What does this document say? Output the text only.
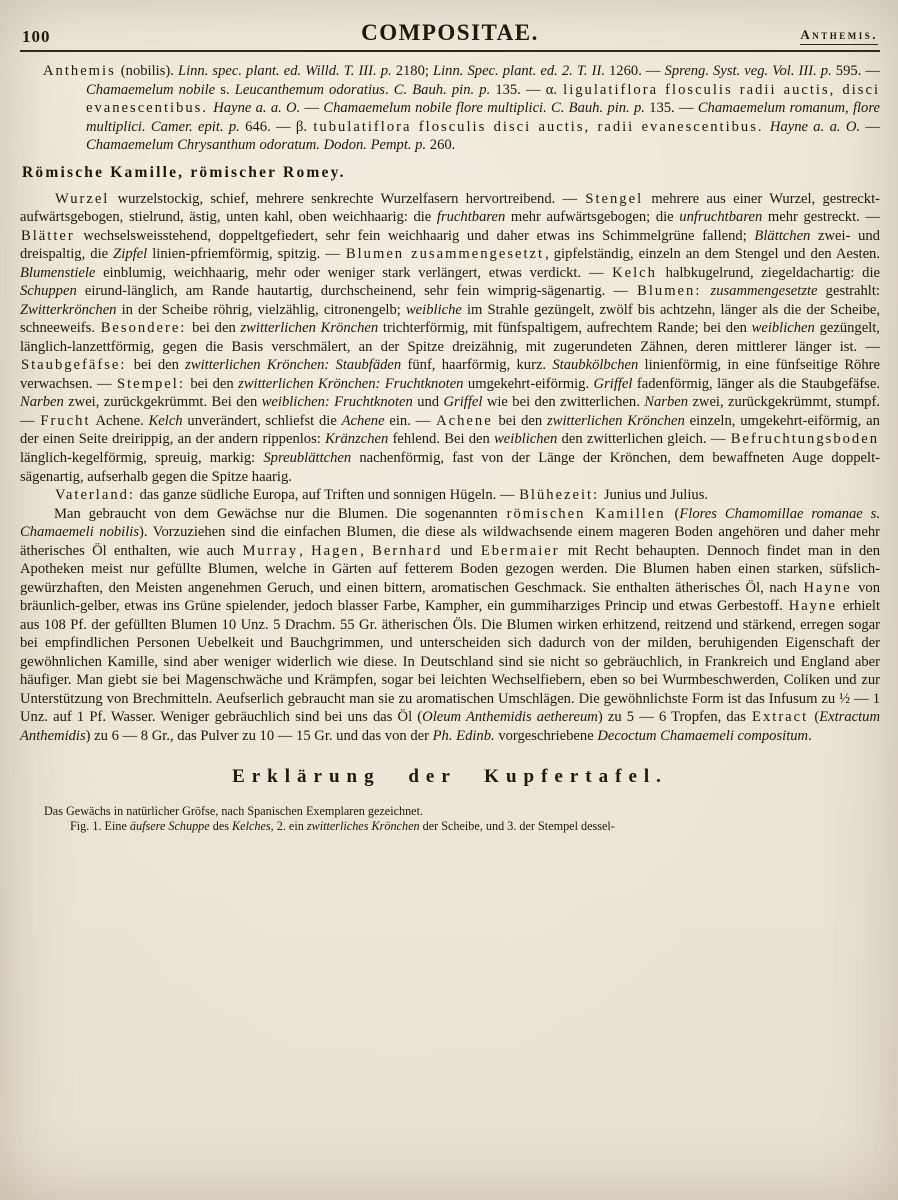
100	COMPOSITAE.	Anthemis.

Anthemis (nobilis). Linn. spec. plant. ed. Willd. T. III. p. 2180; Linn. Spec. plant. ed. 2. T. II. 1260. — Spreng. Syst. veg. Vol. III. p. 595. — Chamaemelum nobile s. Leucanthemum odoratius. C. Bauh. pin. p. 135. — α. ligulatiflora flosculis radii auctis, disci evanescentibus. Hayne a. a. O. — Chamaemelum nobile flore multiplici. C. Bauh. pin. p. 135. — Chamaemelum romanum, flore multiplici. Camer. epit. p. 646. — β. tubulatiflora flosculis disci auctis, radii evanescentibus. Hayne a. a. O. — Chamaemelum Chrysanthum odoratum. Dodon. Pempt. p. 260.

Römische Kamille, römischer Romey.

Wurzel wurzelstockig, schief, mehrere senkrechte Wurzelfasern hervortreibend. — Stengel mehrere aus einer Wurzel, gestreckt-aufwärtsgebogen, stielrund, ästig, unten kahl, oben weichhaarig: die fruchtbaren mehr aufwärtsgebogen; die unfruchtbaren mehr gestreckt. — Blätter wechselsweisstehend, doppeltgefiedert, sehr fein weichhaarig und daher etwas ins Schimmelgrüne fallend; Blättchen zwei- und dreispaltig, die Zipfel linien-pfriemförmig, spitzig. — Blumen zusammengesetzt, gipfelständig, einzeln an dem Stengel und den Aesten. Blumenstiele einblumig, weichhaarig, mehr oder weniger stark verlängert, etwas verdickt. — Kelch halbkugelrund, ziegeldachartig: die Schuppen eirund-länglich, am Rande hautartig, durchscheinend, sehr fein wimprig-sägenartig. — Blumen: zusammengesetzte gestrahlt: Zwitterkrönchen in der Scheibe röhrig, vielzählig, citronengelb; weibliche im Strahle gezüngelt, zwölf bis achtzehn, länger als die der Scheibe, schneeweifs. Besondere: bei den zwitterlichen Krönchen trichterförmig, mit fünfspaltigem, aufrechtem Rande; bei den weiblichen gezüngelt, länglich-lanzettförmig, gegen die Basis verschmälert, an der Spitze dreizähnig, mit zugerundeten Zähnen, deren mittlerer länger ist. — Staubgefäfse: bei den zwitterlichen Krönchen: Staubfäden fünf, haarförmig, kurz. Staubkölbchen linienförmig, in eine fünfseitige Röhre verwachsen. — Stempel: bei den zwitterlichen Krönchen: Fruchtknoten umgekehrt-eiförmig. Griffel fadenförmig, länger als die Staubgefäfse. Narben zwei, zurückgekrümmt. Bei den weiblichen: Fruchtknoten und Griffel wie bei den zwitterlichen. Narben zwei, zurückgekrümmt, stumpf. — Frucht Achene. Kelch unverändert, schliefst die Achene ein. — Achene bei den zwitterlichen Krönchen einzeln, umgekehrt-eiförmig, an der einen Seite dreirippig, an der andern rippenlos: Kränzchen fehlend. Bei den weiblichen den zwitterlichen gleich. — Befruchtungsboden länglich-kegelförmig, spreuig, markig: Spreublättchen nachenförmig, fast von der Länge der Krönchen, dem bewaffneten Auge doppelt-sägenartig, aufserhalb gegen die Spitze haarig.

Vaterland: das ganze südliche Europa, auf Triften und sonnigen Hügeln. — Blühezeit: Junius und Julius.

Man gebraucht von dem Gewächse nur die Blumen. Die sogenannten römischen Kamillen (Flores Chamomillae romanae s. Chamaemeli nobilis). Vorzuziehen sind die einfachen Blumen, die diese als wildwachsende einem mageren Boden angehören und daher mehr ätherisches Öl enthalten, wie auch Murray, Hagen, Bernhard und Ebermaier mit Recht behaupten. Dennoch findet man in den Apotheken meist nur gefüllte Blumen, welche in Gärten auf fetterem Boden gezogen werden. Die Blumen haben einen starken, süfslich-gewürzhaften, den Meisten angenehmen Geruch, und einen bittern, aromatischen Geschmack. Sie enthalten ätherisches Öl, nach Hayne von bräunlich-gelber, etwas ins Grüne spielender, jedoch blasser Farbe, Kampher, ein gummiharziges Princip und etwas Gerbestoff. Hayne erhielt aus 108 Pf. der gefüllten Blumen 10 Unz. 5 Drachm. 55 Gr. ätherischen Öls. Die Blumen wirken erhitzend, reitzend und stärkend, erregen sogar bei empfindlichen Personen Uebelkeit und Bauchgrimmen, und unterscheiden sich dadurch von der milden, beruhigenden Eigenschaft der gewöhnlichen Kamille, sind aber weniger widerlich wie diese. In Deutschland sind sie nicht so gebräuchlich, in Frankreich und England aber häufiger. Man giebt sie bei Magenschwäche und Krämpfen, sogar bei leichten Wechselfiebern, eben so bei Wurmbeschwerden, Coliken und zur Unterstützung von Brechmitteln. Aeufserlich gebraucht man sie zu aromatischen Umschlägen. Die gewöhnlichste Form ist das Infusum zu ½ — 1 Unz. auf 1 Pf. Wasser. Weniger gebräuchlich sind bei uns das Öl (Oleum Anthemidis aethereum) zu 5 — 6 Tropfen, das Extract (Extractum Anthemidis) zu 6 — 8 Gr., das Pulver zu 10 — 15 Gr. und das von der Ph. Edinb. vorgeschriebene Decoctum Chamaemeli compositum.

Erklärung der Kupfertafel.

Das Gewächs in natürlicher Gröfse, nach Spanischen Exemplaren gezeichnet.

Fig. 1. Eine äufsere Schuppe des Kelches, 2. ein zwitterliches Krönchen der Scheibe, und 3. der Stempel dessel-
